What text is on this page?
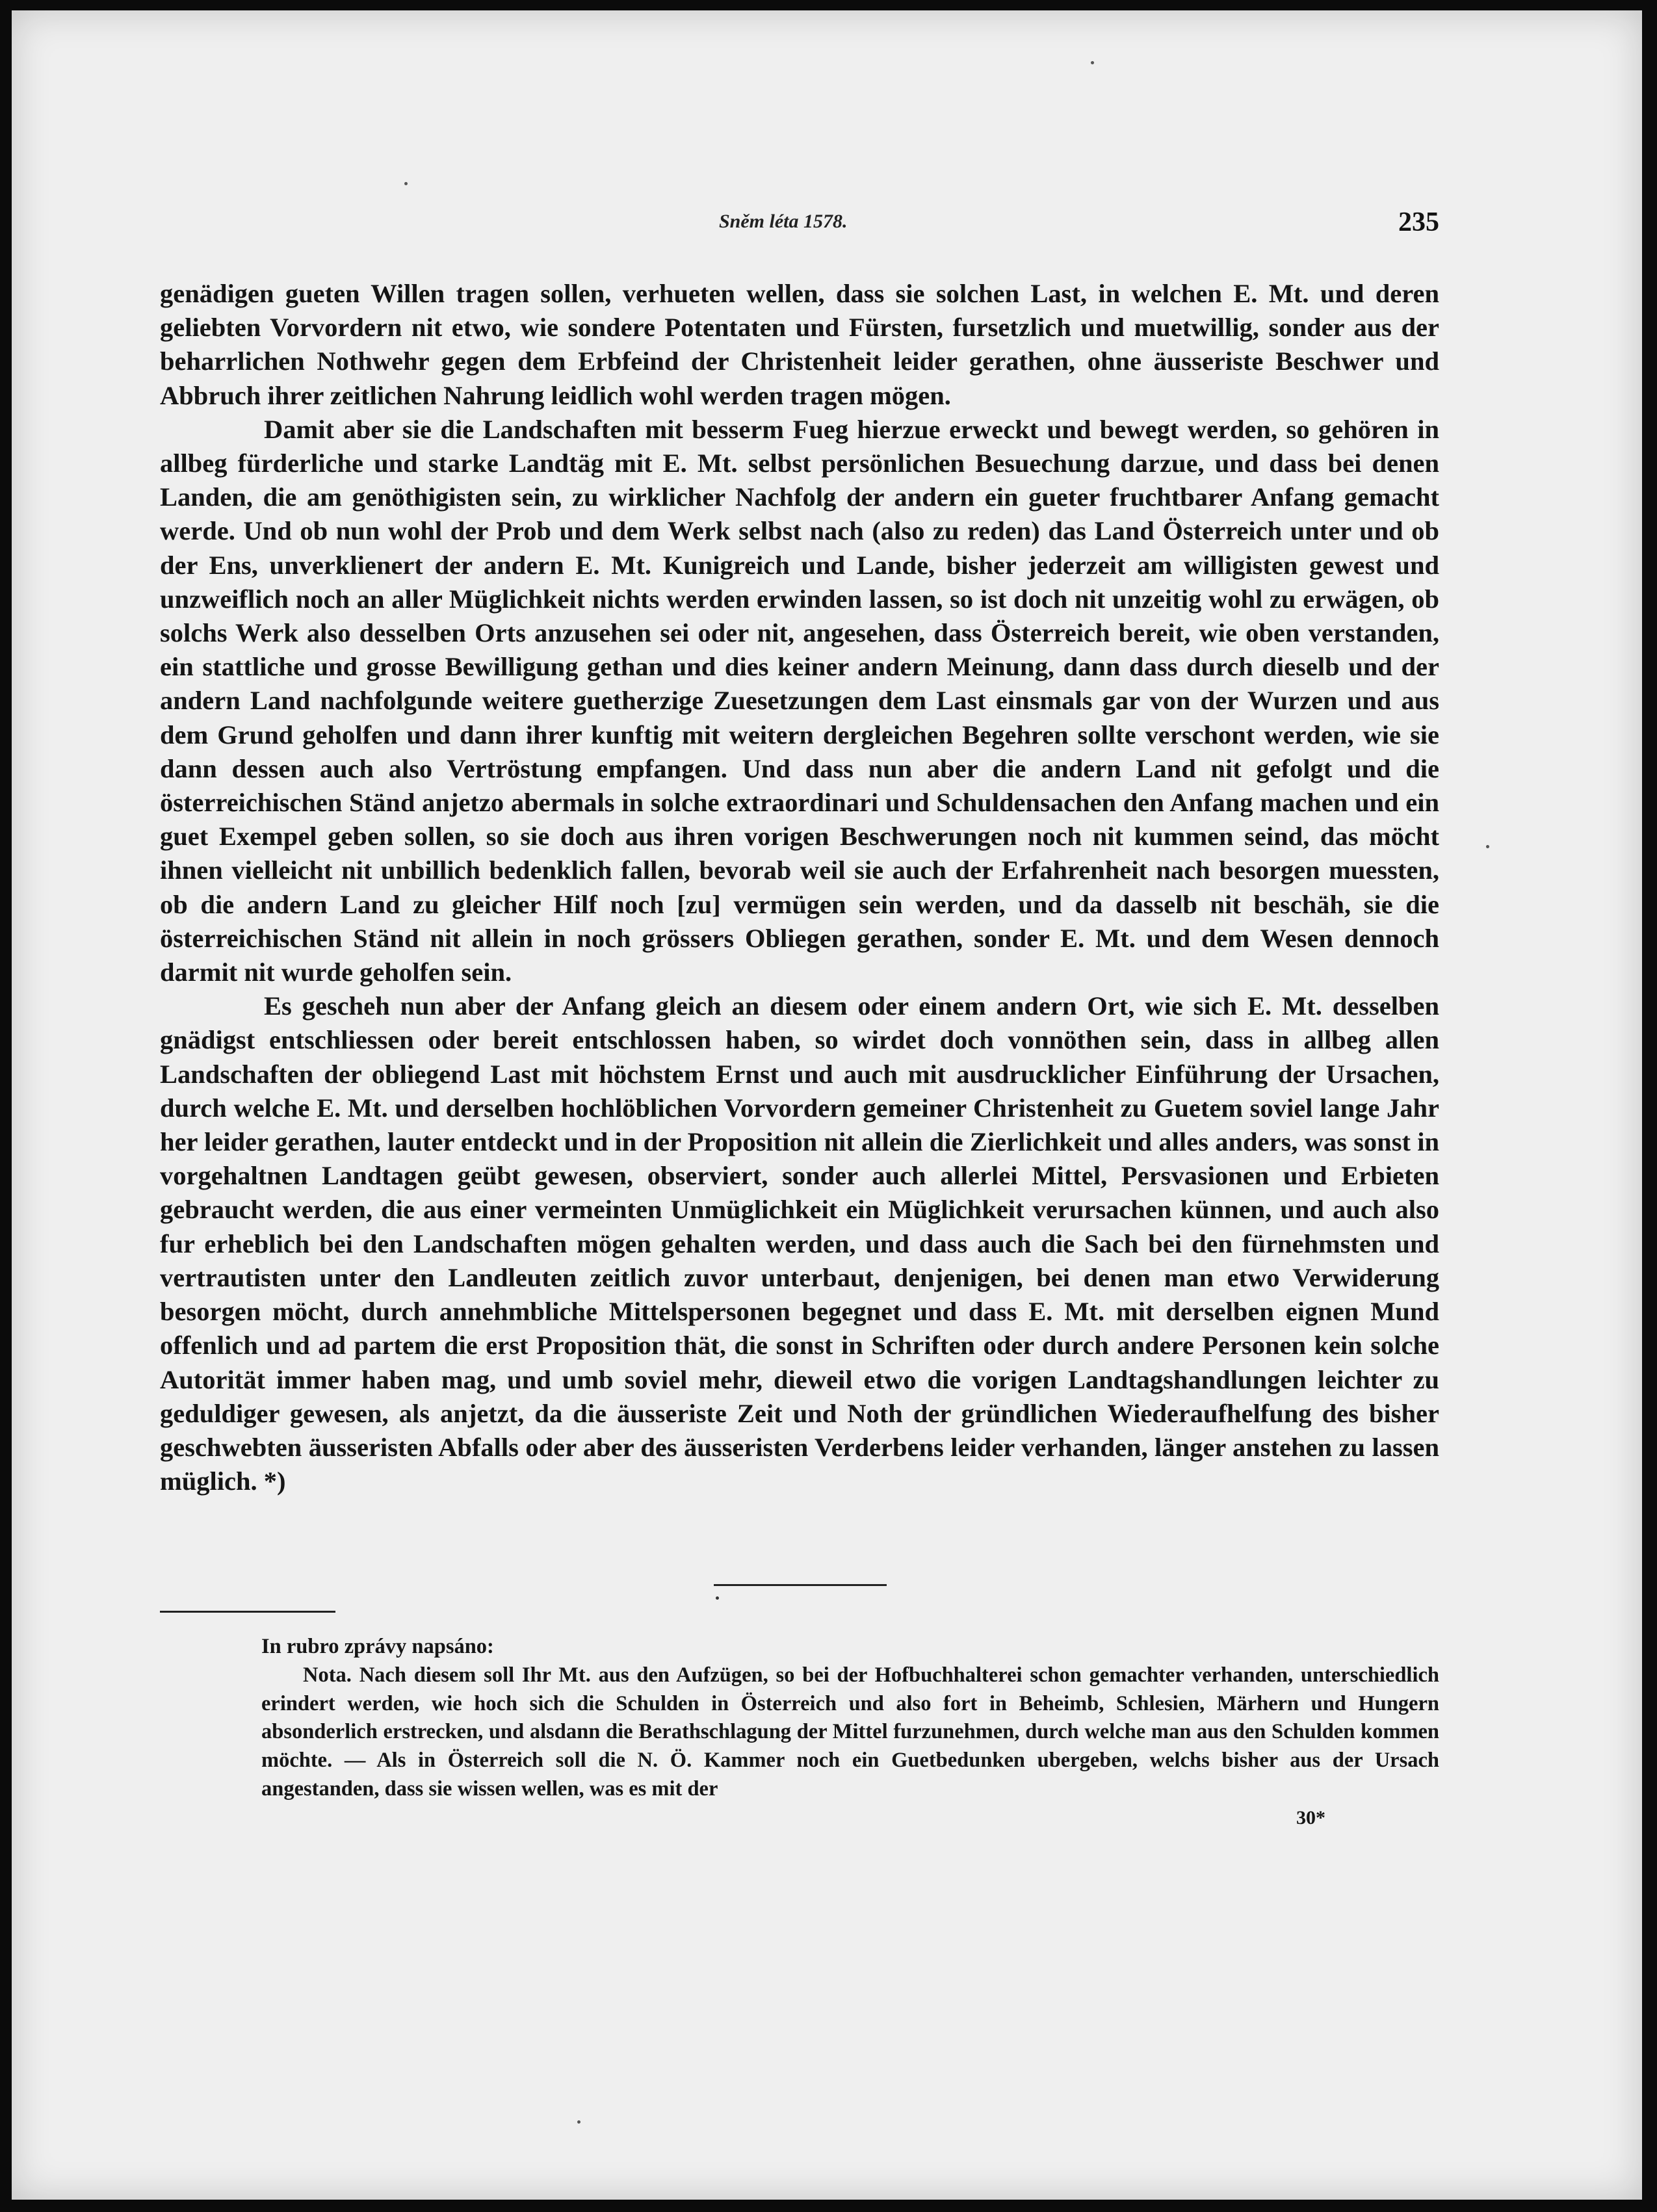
Sněm léta 1578.	235

genädigen gueten Willen tragen sollen, verhueten wellen, dass sie solchen Last, in welchen E. Mt. und deren geliebten Vorvordern nit etwo, wie sondere Potentaten und Fürsten, fursetzlich und muetwillig, sonder aus der beharrlichen Nothwehr gegen dem Erbfeind der Christenheit leider gerathen, ohne äusseriste Beschwer und Abbruch ihrer zeitlichen Nahrung leidlich wohl werden tragen mögen.

Damit aber sie die Landschaften mit besserm Fueg hierzue erweckt und bewegt werden, so gehören in allbeg fürderliche und starke Landtäg mit E. Mt. selbst persönlichen Besuechung darzue, und dass bei denen Landen, die am genöthigisten sein, zu wirklicher Nachfolg der andern ein gueter fruchtbarer Anfang gemacht werde. Und ob nun wohl der Prob und dem Werk selbst nach (also zu reden) das Land Österreich unter und ob der Ens, unverklienert der andern E. Mt. Kunigreich und Lande, bisher jederzeit am willigisten gewest und unzweiflich noch an aller Müglichkeit nichts werden erwinden lassen, so ist doch nit unzeitig wohl zu erwägen, ob solchs Werk also desselben Orts anzusehen sei oder nit, angesehen, dass Österreich bereit, wie oben verstanden, ein stattliche und grosse Bewilligung gethan und dies keiner andern Meinung, dann dass durch dieselb und der andern Land nachfolgunde weitere guetherzige Zuesetzungen dem Last einsmals gar von der Wurzen und aus dem Grund geholfen und dann ihrer kunftig mit weitern dergleichen Begehren sollte verschont werden, wie sie dann dessen auch also Vertröstung empfangen. Und dass nun aber die andern Land nit gefolgt und die österreichischen Ständ anjetzo abermals in solche extraordinari und Schuldensachen den Anfang machen und ein guet Exempel geben sollen, so sie doch aus ihren vorigen Beschwerungen noch nit kummen seind, das möcht ihnen vielleicht nit unbillich bedenklich fallen, bevorab weil sie auch der Erfahrenheit nach besorgen muessten, ob die andern Land zu gleicher Hilf noch [zu] vermügen sein werden, und da dasselb nit beschäh, sie die österreichischen Ständ nit allein in noch grössers Obliegen gerathen, sonder E. Mt. und dem Wesen dennoch darmit nit wurde geholfen sein.

Es gescheh nun aber der Anfang gleich an diesem oder einem andern Ort, wie sich E. Mt. desselben gnädigst entschliessen oder bereit entschlossen haben, so wirdet doch vonnöthen sein, dass in allbeg allen Landschaften der obliegend Last mit höchstem Ernst und auch mit ausdrucklicher Einführung der Ursachen, durch welche E. Mt. und derselben hochlöblichen Vorvordern gemeiner Christenheit zu Guetem soviel lange Jahr her leider gerathen, lauter entdeckt und in der Proposition nit allein die Zierlichkeit und alles anders, was sonst in vorgehaltnen Landtagen geübt gewesen, observiert, sonder auch allerlei Mittel, Persvasionen und Erbieten gebraucht werden, die aus einer vermeinten Unmüglichkeit ein Müglichkeit verursachen künnen, und auch also fur erheblich bei den Landschaften mögen gehalten werden, und dass auch die Sach bei den fürnehmsten und vertrautisten unter den Landleuten zeitlich zuvor unterbaut, denjenigen, bei denen man etwo Verwiderung besorgen möcht, durch annehmbliche Mittelspersonen begegnet und dass E. Mt. mit derselben eignen Mund offenlich und ad partem die erst Proposition thät, die sonst in Schriften oder durch andere Personen kein solche Autorität immer haben mag, und umb soviel mehr, dieweil etwo die vorigen Landtagshandlungen leichter zu geduldiger gewesen, als anjetzt, da die äusseriste Zeit und Noth der gründlichen Wiederaufhelfung des bisher geschwebten äusseristen Abfalls oder aber des äusseristen Verderbens leider verhanden, länger anstehen zu lassen müglich. *)

In rubro zprávy napsáno:

Nota. Nach diesem soll Ihr Mt. aus den Aufzügen, so bei der Hofbuchhalterei schon gemachter verhanden, unterschiedlich erindert werden, wie hoch sich die Schulden in Österreich und also fort in Beheimb, Schlesien, Märhern und Hungern absonderlich erstrecken, und alsdann die Berathschlagung der Mittel furzunehmen, durch welche man aus den Schulden kommen möchte. — Als in Österreich soll die N. Ö. Kammer noch ein Guetbedunken ubergeben, welchs bisher aus der Ursach angestanden, dass sie wissen wellen, was es mit der

30*
